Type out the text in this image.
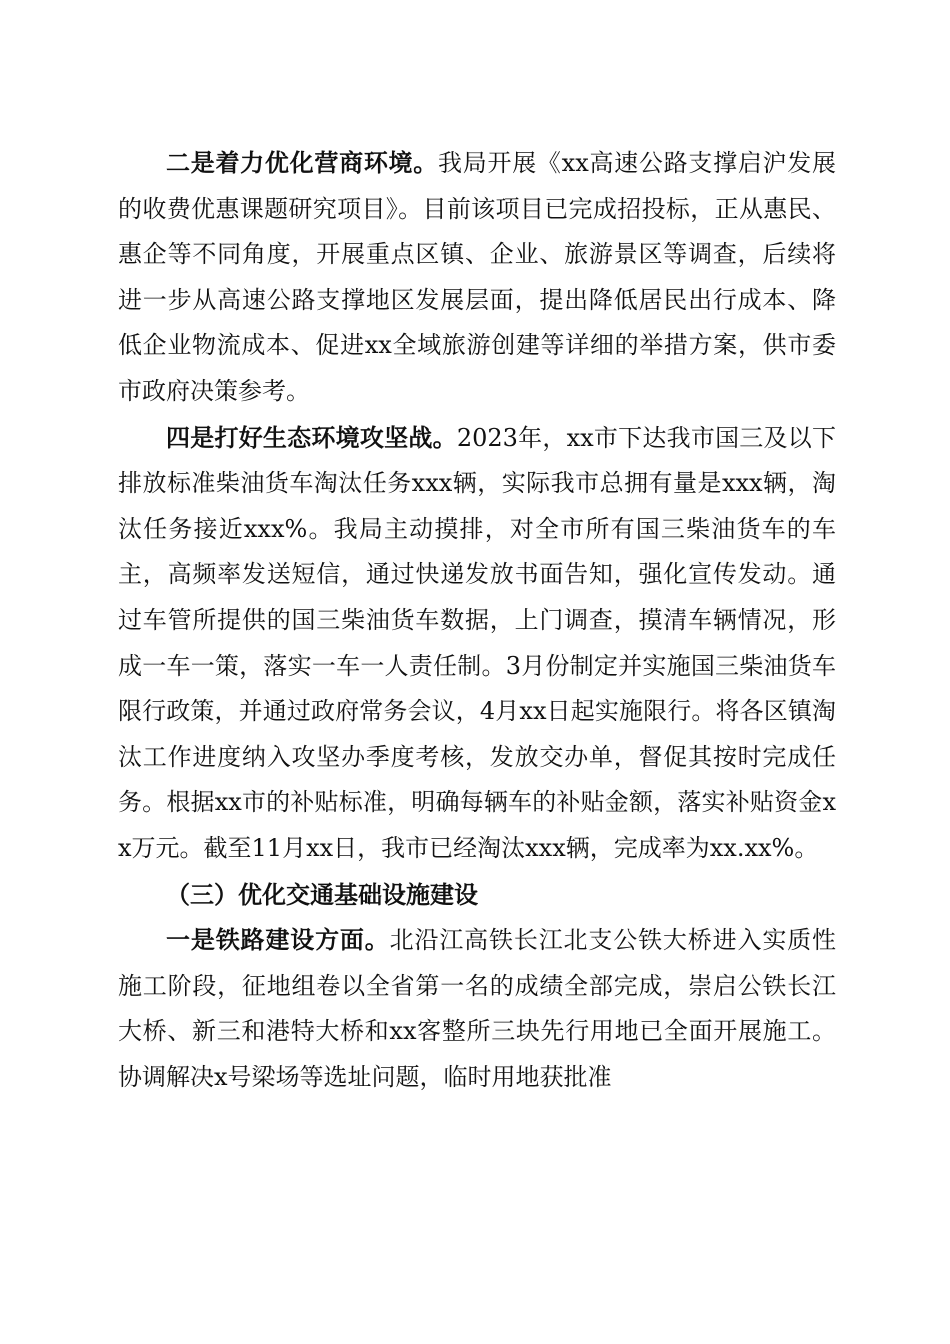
二是着力优化营商环境。我局开展《xx高速公路支撑启沪发展的收费优惠课题研究项目》。目前该项目已完成招投标，正从惠民、惠企等不同角度，开展重点区镇、企业、旅游景区等调查，后续将进一步从高速公路支撑地区发展层面，提出降低居民出行成本、降低企业物流成本、促进xx全域旅游创建等详细的举措方案，供市委市政府决策参考。

四是打好生态环境攻坚战。2023年，xx市下达我市国三及以下排放标准柴油货车淘汰任务xxx辆，实际我市总拥有量是xxx辆，淘汰任务接近xxx%。我局主动摸排，对全市所有国三柴油货车的车主，高频率发送短信，通过快递发放书面告知，强化宣传发动。通过车管所提供的国三柴油货车数据，上门调查，摸清车辆情况，形成一车一策，落实一车一人责任制。3月份制定并实施国三柴油货车限行政策，并通过政府常务会议，4月xx日起实施限行。将各区镇淘汰工作进度纳入攻坚办季度考核，发放交办单，督促其按时完成任务。根据xx市的补贴标准，明确每辆车的补贴金额，落实补贴资金xx万元。截至11月xx日，我市已经淘汰xxx辆，完成率为xx.xx%。

（三）优化交通基础设施建设

一是铁路建设方面。北沿江高铁长江北支公铁大桥进入实质性施工阶段，征地组卷以全省第一名的成绩全部完成，崇启公铁长江大桥、新三和港特大桥和xx客整所三块先行用地已全面开展施工。协调解决x号梁场等选址问题，临时用地获批准
